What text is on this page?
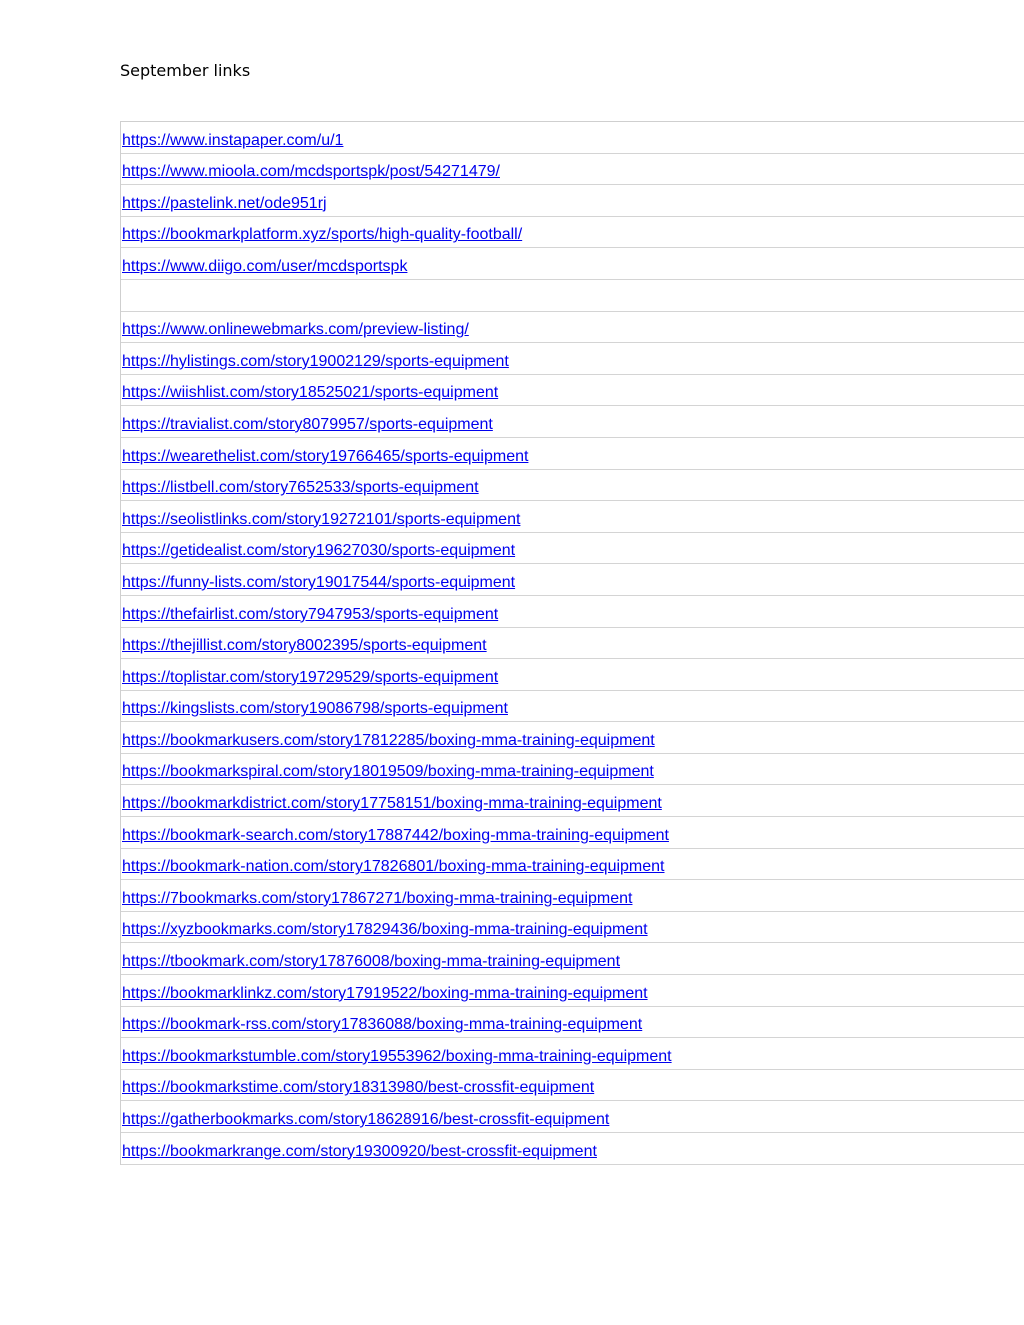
September links
https://www.instapaper.com/u/1
https://www.mioola.com/mcdsportspk/post/54271479/
https://pastelink.net/ode951rj
https://bookmarkplatform.xyz/sports/high-quality-football/
https://www.diigo.com/user/mcdsportspk
https://www.onlinewebmarks.com/preview-listing/
https://hylistings.com/story19002129/sports-equipment
https://wiishlist.com/story18525021/sports-equipment
https://travialist.com/story8079957/sports-equipment
https://wearethelist.com/story19766465/sports-equipment
https://listbell.com/story7652533/sports-equipment
https://seolistlinks.com/story19272101/sports-equipment
https://getidealist.com/story19627030/sports-equipment
https://funny-lists.com/story19017544/sports-equipment
https://thefairlist.com/story7947953/sports-equipment
https://thejillist.com/story8002395/sports-equipment
https://toplistar.com/story19729529/sports-equipment
https://kingslists.com/story19086798/sports-equipment
https://bookmarkusers.com/story17812285/boxing-mma-training-equipment
https://bookmarkspiral.com/story18019509/boxing-mma-training-equipment
https://bookmarkdistrict.com/story17758151/boxing-mma-training-equipment
https://bookmark-search.com/story17887442/boxing-mma-training-equipment
https://bookmark-nation.com/story17826801/boxing-mma-training-equipment
https://7bookmarks.com/story17867271/boxing-mma-training-equipment
https://xyzbookmarks.com/story17829436/boxing-mma-training-equipment
https://tbookmark.com/story17876008/boxing-mma-training-equipment
https://bookmarklinkz.com/story17919522/boxing-mma-training-equipment
https://bookmark-rss.com/story17836088/boxing-mma-training-equipment
https://bookmarkstumble.com/story19553962/boxing-mma-training-equipment
https://bookmarkstime.com/story18313980/best-crossfit-equipment
https://gatherbookmarks.com/story18628916/best-crossfit-equipment
https://bookmarkrange.com/story19300920/best-crossfit-equipment
